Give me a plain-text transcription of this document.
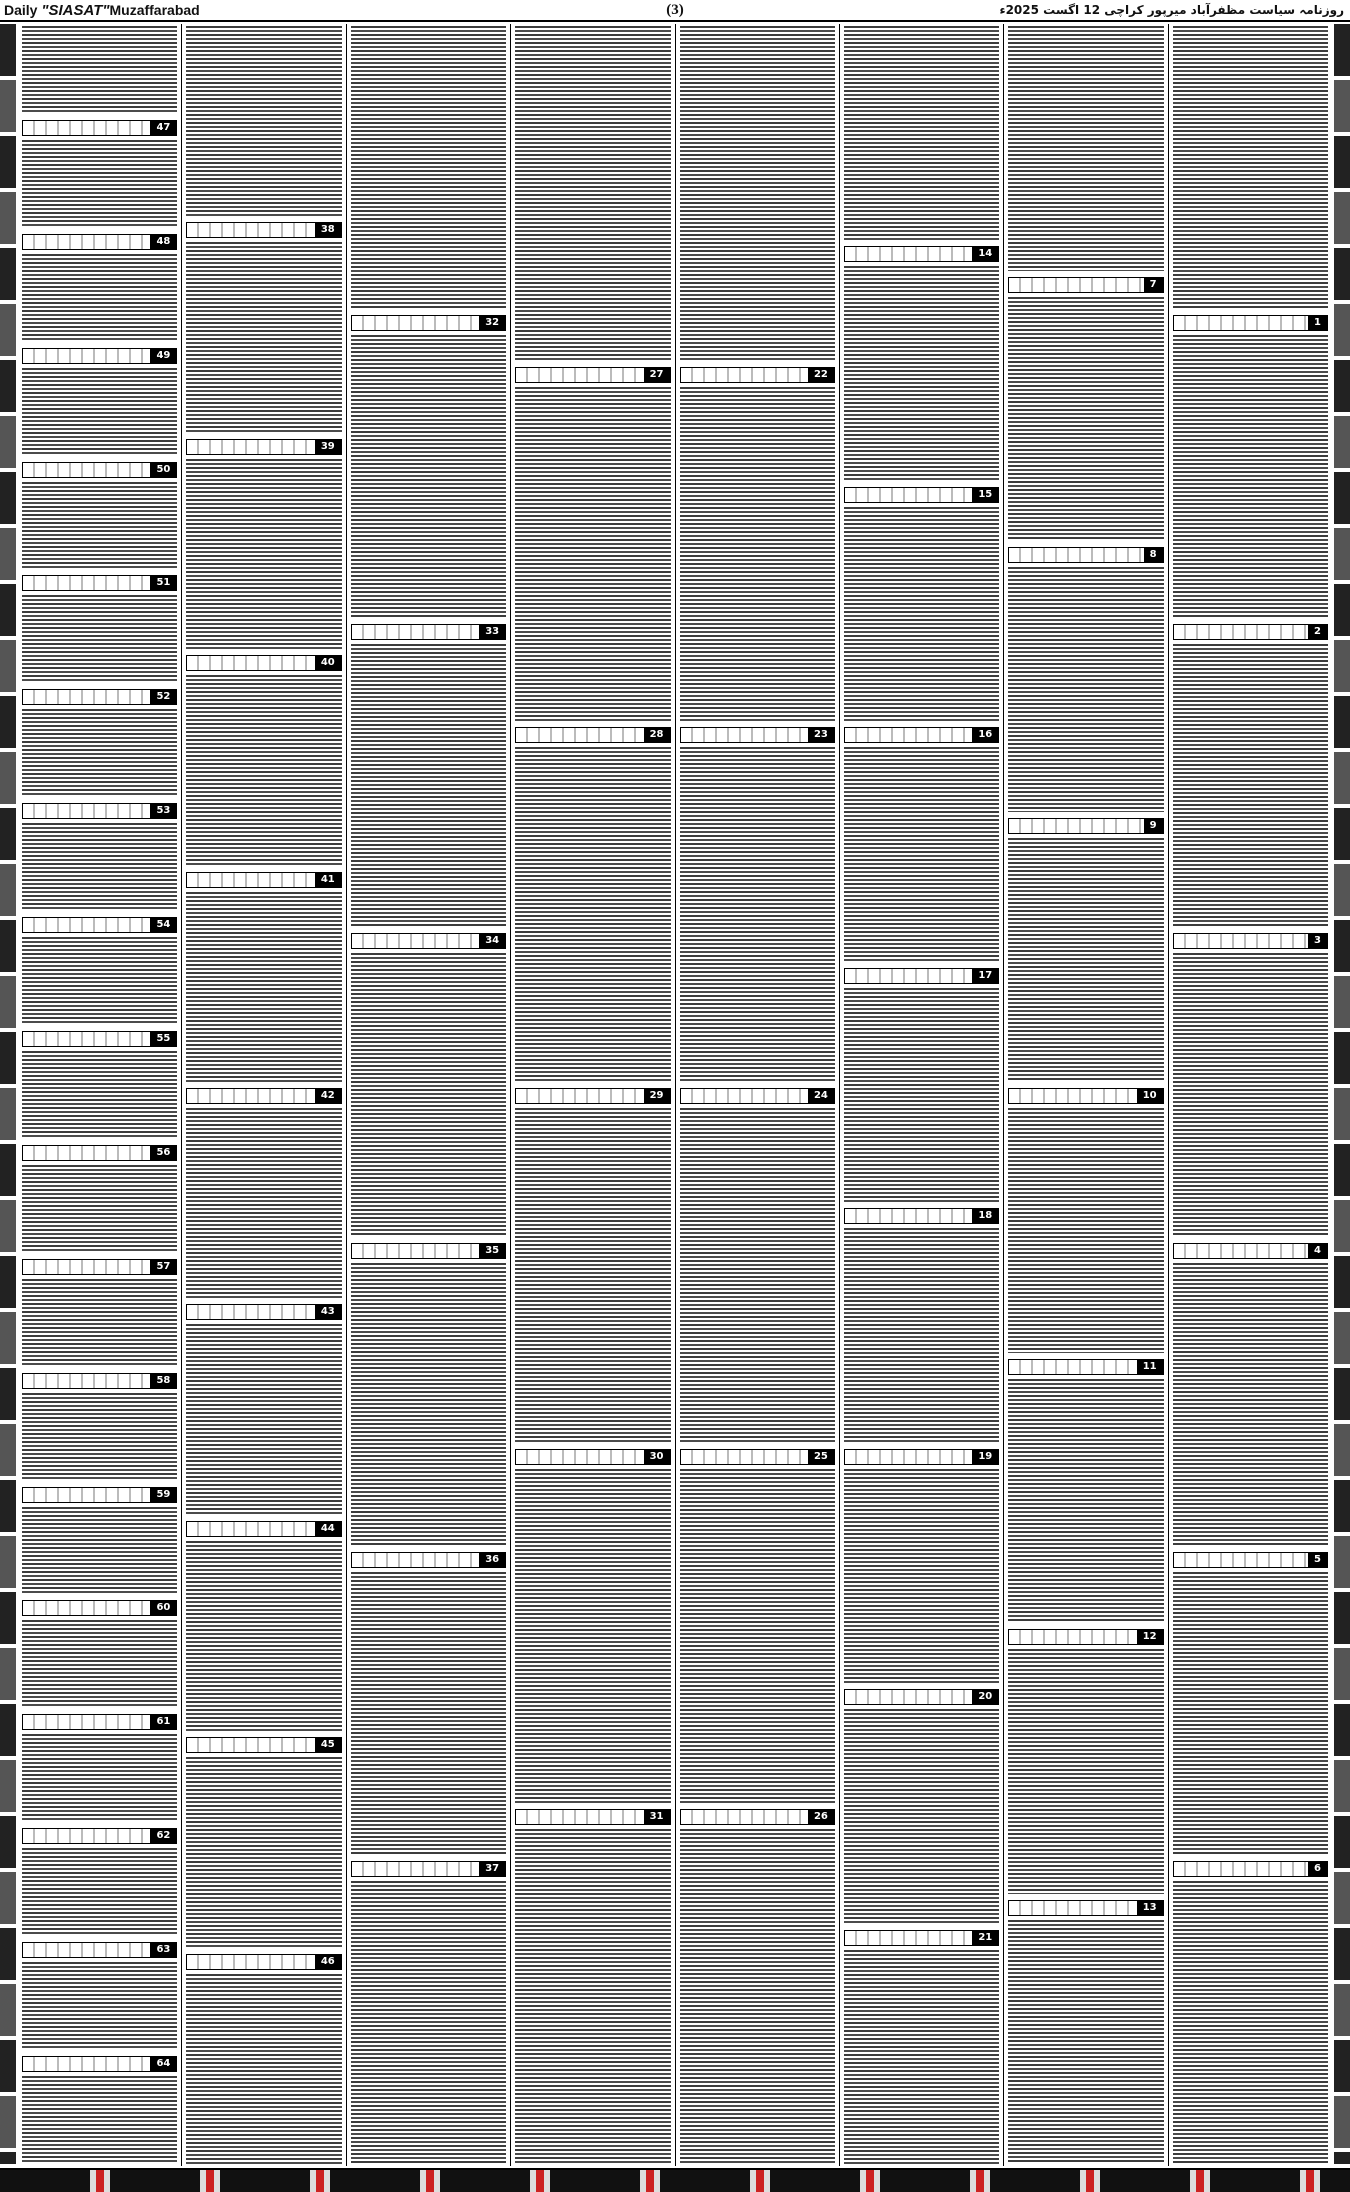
Daily "SIASAT"Muzaffarabad	(3)	روزنامہ سیاست مظفرآباد میرپور کراچی 12 اگست 2025ء
1
2
3
4
5
6
7
8
9
10
11
12
13
14
15
16
17
18
19
20
21
22
23
24
25
26
27
28
29
30
31
32
33
34
35
36
37
38
39
40
41
42
43
44
45
46
47
48
49
50
51
52
53
54
55
56
57
58
59
60
61
62
63
64
